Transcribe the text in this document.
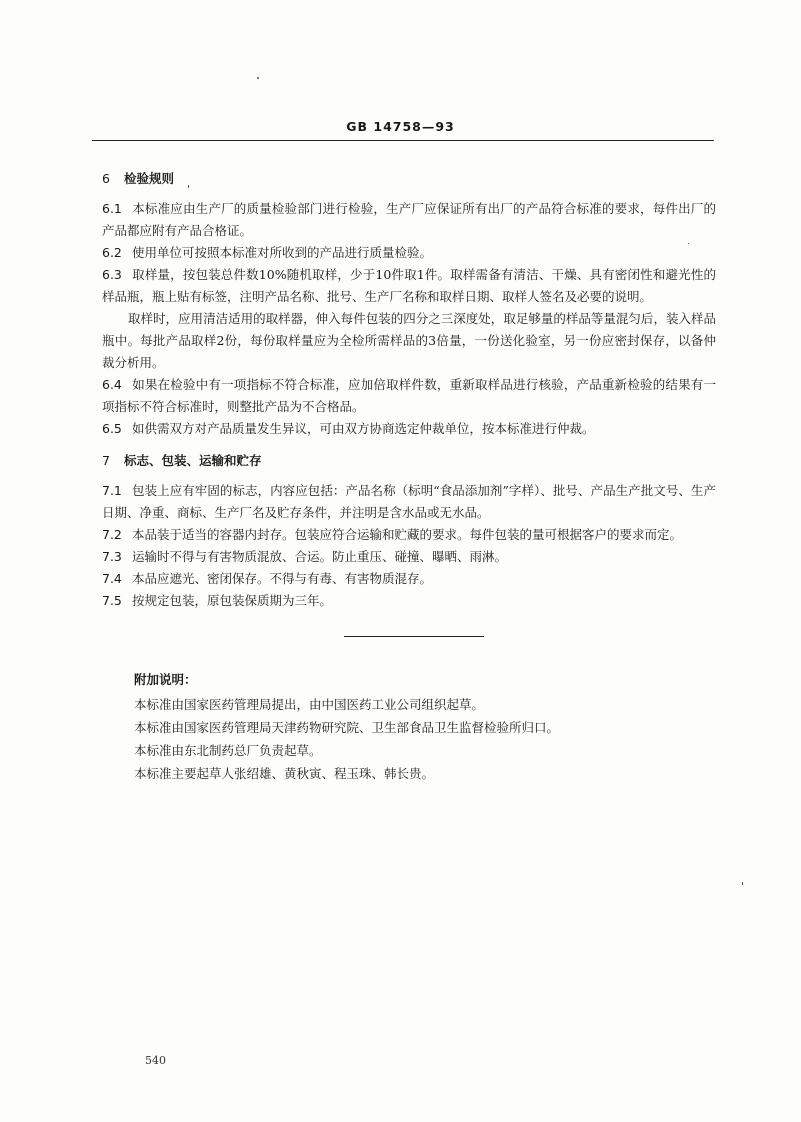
GB 14758—93

6 检验规则

6.1 本标准应由生产厂的质量检验部门进行检验，生产厂应保证所有出厂的产品符合标准的要求，每件出厂的产品都应附有产品合格证。

6.2 使用单位可按照本标准对所收到的产品进行质量检验。

6.3 取样量，按包装总件数10%随机取样，少于10件取1件。取样需备有清洁、干燥、具有密闭性和避光性的样品瓶，瓶上贴有标签，注明产品名称、批号、生产厂名称和取样日期、取样人签名及必要的说明。

取样时，应用清洁适用的取样器，伸入每件包装的四分之三深度处，取足够量的样品等量混匀后，装入样品瓶中。每批产品取样2份，每份取样量应为全检所需样品的3倍量，一份送化验室，另一份应密封保存，以备仲裁分析用。

6.4 如果在检验中有一项指标不符合标准，应加倍取样件数，重新取样品进行核验，产品重新检验的结果有一项指标不符合标准时，则整批产品为不合格品。

6.5 如供需双方对产品质量发生异议，可由双方协商选定仲裁单位，按本标准进行仲裁。

7 标志、包装、运输和贮存

7.1 包装上应有牢固的标志，内容应包括：产品名称（标明“食品添加剂”字样）、批号、产品生产批文号、生产日期、净重、商标、生产厂名及贮存条件，并注明是含水品或无水品。

7.2 本品装于适当的容器内封存。包装应符合运输和贮藏的要求。每件包装的量可根据客户的要求而定。

7.3 运输时不得与有害物质混放、合运。防止重压、碰撞、曝晒、雨淋。

7.4 本品应遮光、密闭保存。不得与有毒、有害物质混存。

7.5 按规定包装，原包装保质期为三年。

附加说明：

本标准由国家医药管理局提出，由中国医药工业公司组织起草。

本标准由国家医药管理局天津药物研究院、卫生部食品卫生监督检验所归口。

本标准由东北制药总厂负责起草。

本标准主要起草人张绍雄、黄秋寅、程玉珠、韩长贵。

540
